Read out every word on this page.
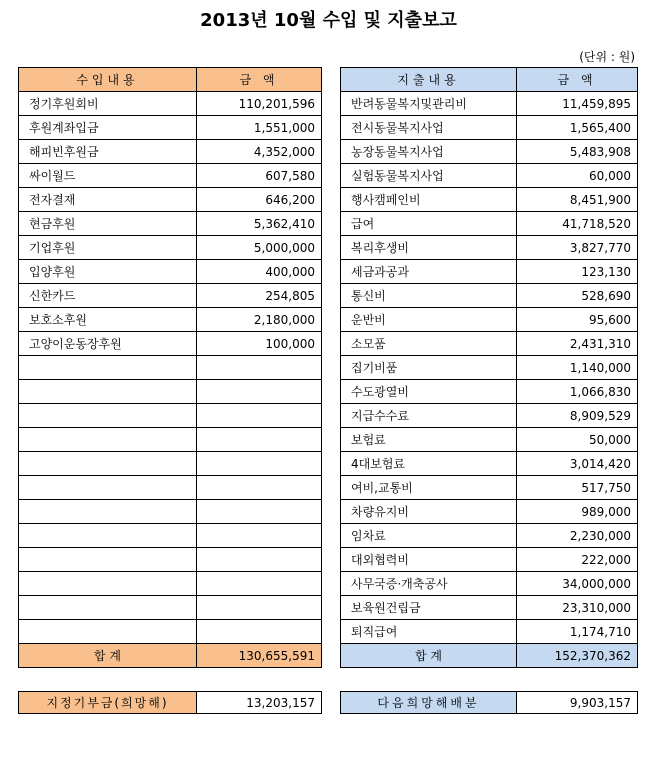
2013년 10월 수입 및 지출보고
(단위 : 원)
수입내용	금 액
정기후원회비	110,201,596
후원계좌입금	1,551,000
해피빈후원금	4,352,000
싸이월드	607,580
전자결재	646,200
현금후원	5,362,410
기업후원	5,000,000
입양후원	400,000
신한카드	254,805
보호소후원	2,180,000
고양이운동장후원	100,000

합 계	130,655,591
지출내용	금 액
반려동물복지및관리비	11,459,895
전시동물복지사업	1,565,400
농장동물복지사업	5,483,908
실험동물복지사업	60,000
행사캠페인비	8,451,900
급여	41,718,520
복리후생비	3,827,770
세금과공과	123,130
통신비	528,690
운반비	95,600
소모품	2,431,310
집기비품	1,140,000
수도광열비	1,066,830
지급수수료	8,909,529
보험료	50,000
4대보험료	3,014,420
여비,교통비	517,750
차량유지비	989,000
임차료	2,230,000
대외협력비	222,000
사무국증·개축공사	34,000,000
보육원건립금	23,310,000
퇴직급여	1,174,710
합 계	152,370,362
지정기부금(희망해)	13,203,157	다음희망해배분	9,903,157
